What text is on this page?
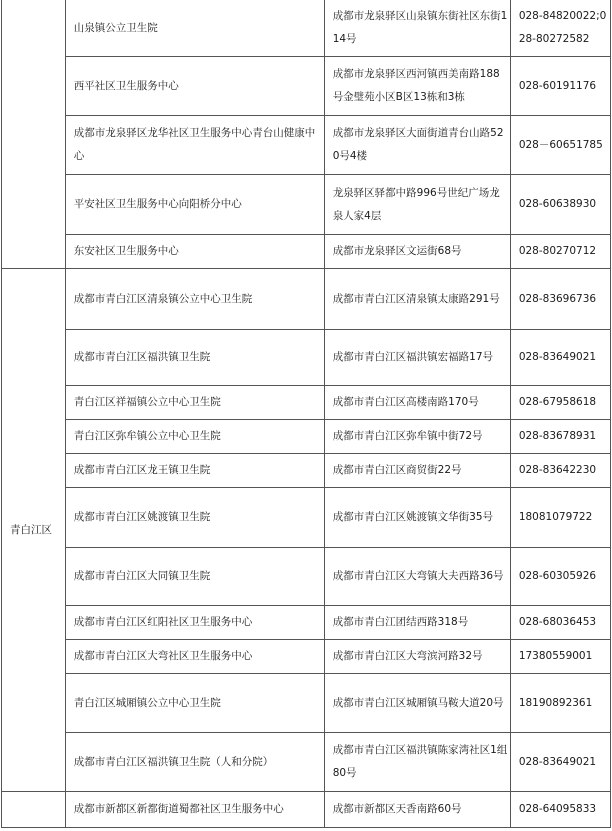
	山泉镇公立卫生院	成都市龙泉驿区山泉镇东街社区东街114号	028-84820022;028-80272582
	西平社区卫生服务中心	成都市龙泉驿区西河镇西美南路188号金璧苑小区B区13栋和3栋	028-60191176
	成都市龙泉驿区龙华社区卫生服务中心青台山健康中心	成都市龙泉驿区大面街道青台山路520号4楼	028－60651785
	平安社区卫生服务中心向阳桥分中心	龙泉驿区驿都中路996号世纪广场龙泉人家4层	028-60638930
	东安社区卫生服务中心	成都市龙泉驿区文运街68号	028-80270712
青白江区	成都市青白江区清泉镇公立中心卫生院	成都市青白江区清泉镇太康路291号	028-83696736
	成都市青白江区福洪镇卫生院	成都市青白江区福洪镇宏福路17号	028-83649021
	青白江区祥福镇公立中心卫生院	成都市青白江区高楼南路170号	028-67958618
	青白江区弥牟镇公立中心卫生院	成都市青白江区弥牟镇中街72号	028-83678931
	成都市青白江区龙王镇卫生院	成都市青白江区商贸街22号	028-83642230
	成都市青白江区姚渡镇卫生院	成都市青白江区姚渡镇文华街35号	18081079722
	成都市青白江区大同镇卫生院	成都市青白江区大弯镇大夫西路36号	028-60305926
	成都市青白江区红阳社区卫生服务中心	成都市青白江团结西路318号	028-68036453
	成都市青白江区大弯社区卫生服务中心	成都市青白江区大弯滨河路32号	17380559001
	青白江区城厢镇公立中心卫生院	成都市青白江区城厢镇马鞍大道20号	18190892361
	成都市青白江区福洪镇卫生院（人和分院）	成都市青白江区福洪镇陈家湾社区1组80号	028-83649021
	成都市新都区新都街道蜀都社区卫生服务中心	成都市新都区天香南路60号	028-64095833
